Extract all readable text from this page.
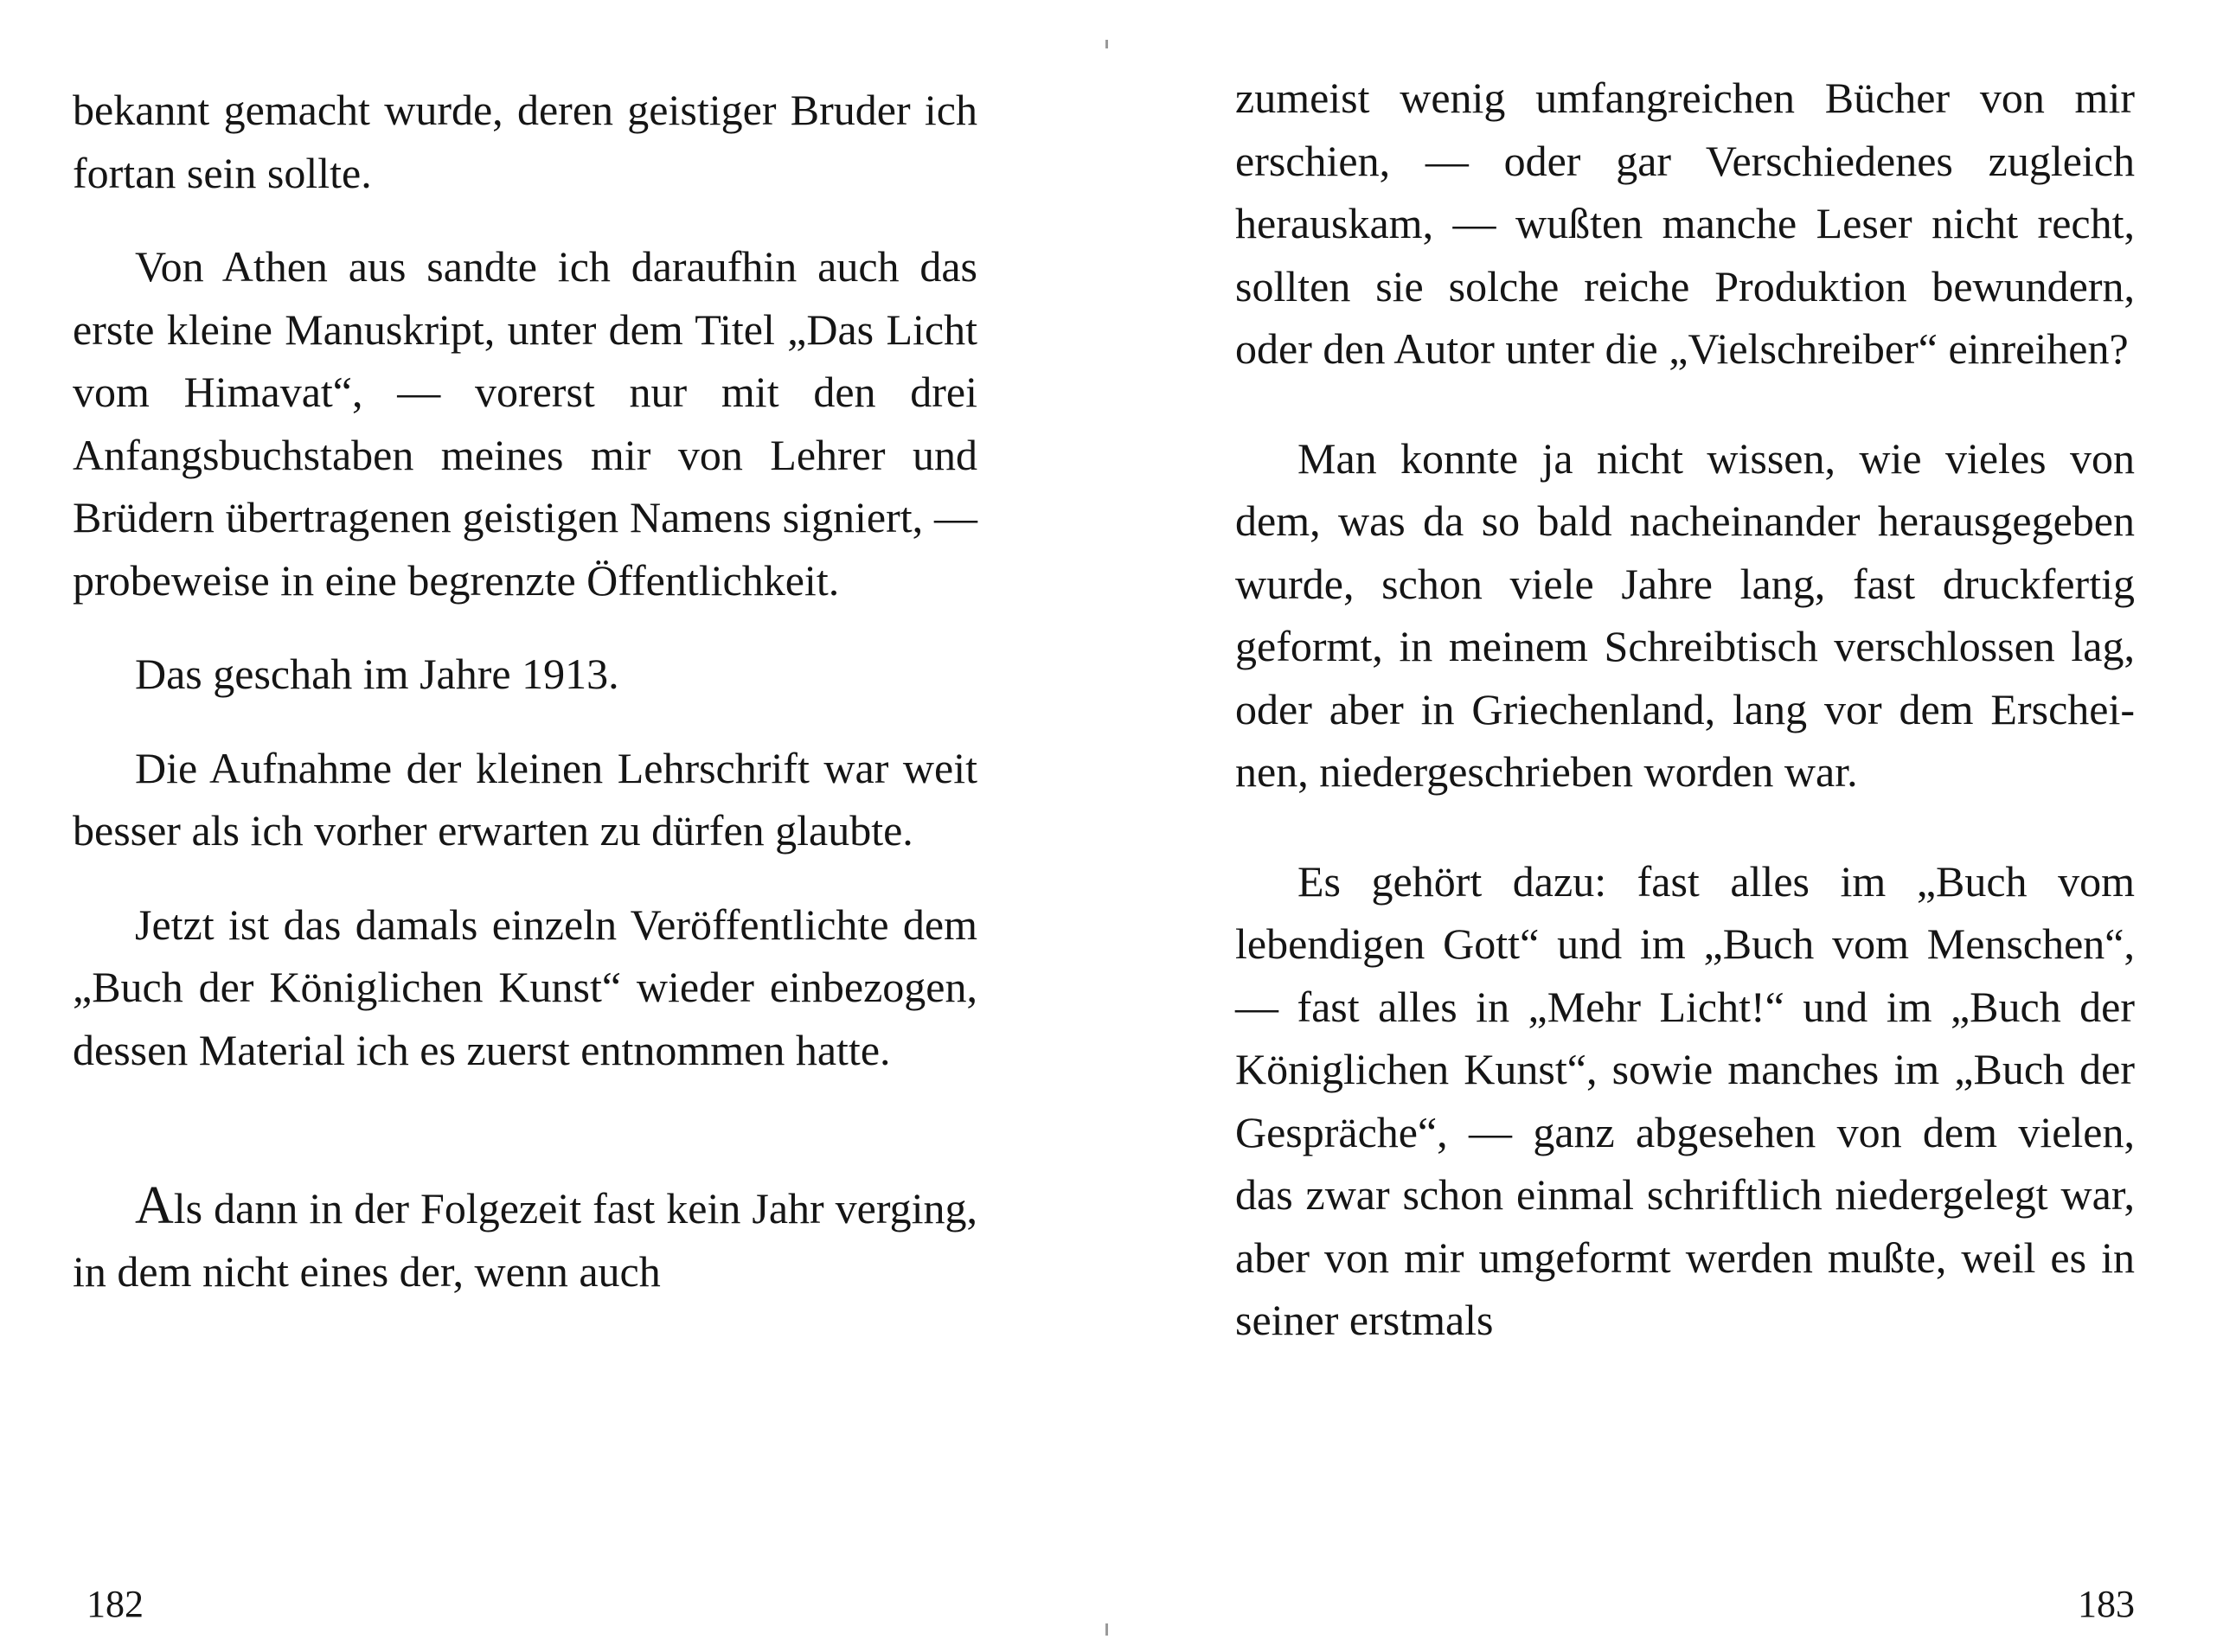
bekannt gemacht wurde, deren geistiger Bruder ich fortan sein sollte.

Von Athen aus sandte ich daraufhin auch das erste kleine Manuskript, unter dem Titel „Das Licht vom Himavat“, — vorerst nur mit den drei Anfangsbuchstaben meines mir von Lehrer und Brüdern übertragenen geistigen Namens signiert, — probeweise in eine begrenzte Öffentlichkeit.

Das geschah im Jahre 1913.

Die Aufnahme der kleinen Lehrschrift war weit besser als ich vorher erwarten zu dürfen glaubte.

Jetzt ist das damals einzeln Veröffentlichte dem „Buch der Königlichen Kunst“ wieder einbezogen, dessen Material ich es zuerst entnommen hatte.

Als dann in der Folgezeit fast kein Jahr verging, in dem nicht eines der, wenn auch

182

zumeist wenig umfangreichen Bücher von mir erschien, — oder gar Verschiedenes zugleich herauskam, — wußten manche Leser nicht recht, sollten sie solche reiche Produktion bewundern, oder den Autor unter die „Vielschreiber“ einreihen?

Man konnte ja nicht wissen, wie vieles von dem, was da so bald nacheinander herausgegeben wurde, schon viele Jahre lang, fast druckfertig geformt, in meinem Schreibtisch verschlossen lag, oder aber in Griechenland, lang vor dem Erscheinen, niedergeschrieben worden war.

Es gehört dazu: fast alles im „Buch vom lebendigen Gott“ und im „Buch vom Menschen“, — fast alles in „Mehr Licht!“ und im „Buch der Königlichen Kunst“, sowie manches im „Buch der Gespräche“, — ganz abgesehen von dem vielen, das zwar schon einmal schriftlich niedergelegt war, aber von mir umgeformt werden mußte, weil es in seiner erstmals

183
